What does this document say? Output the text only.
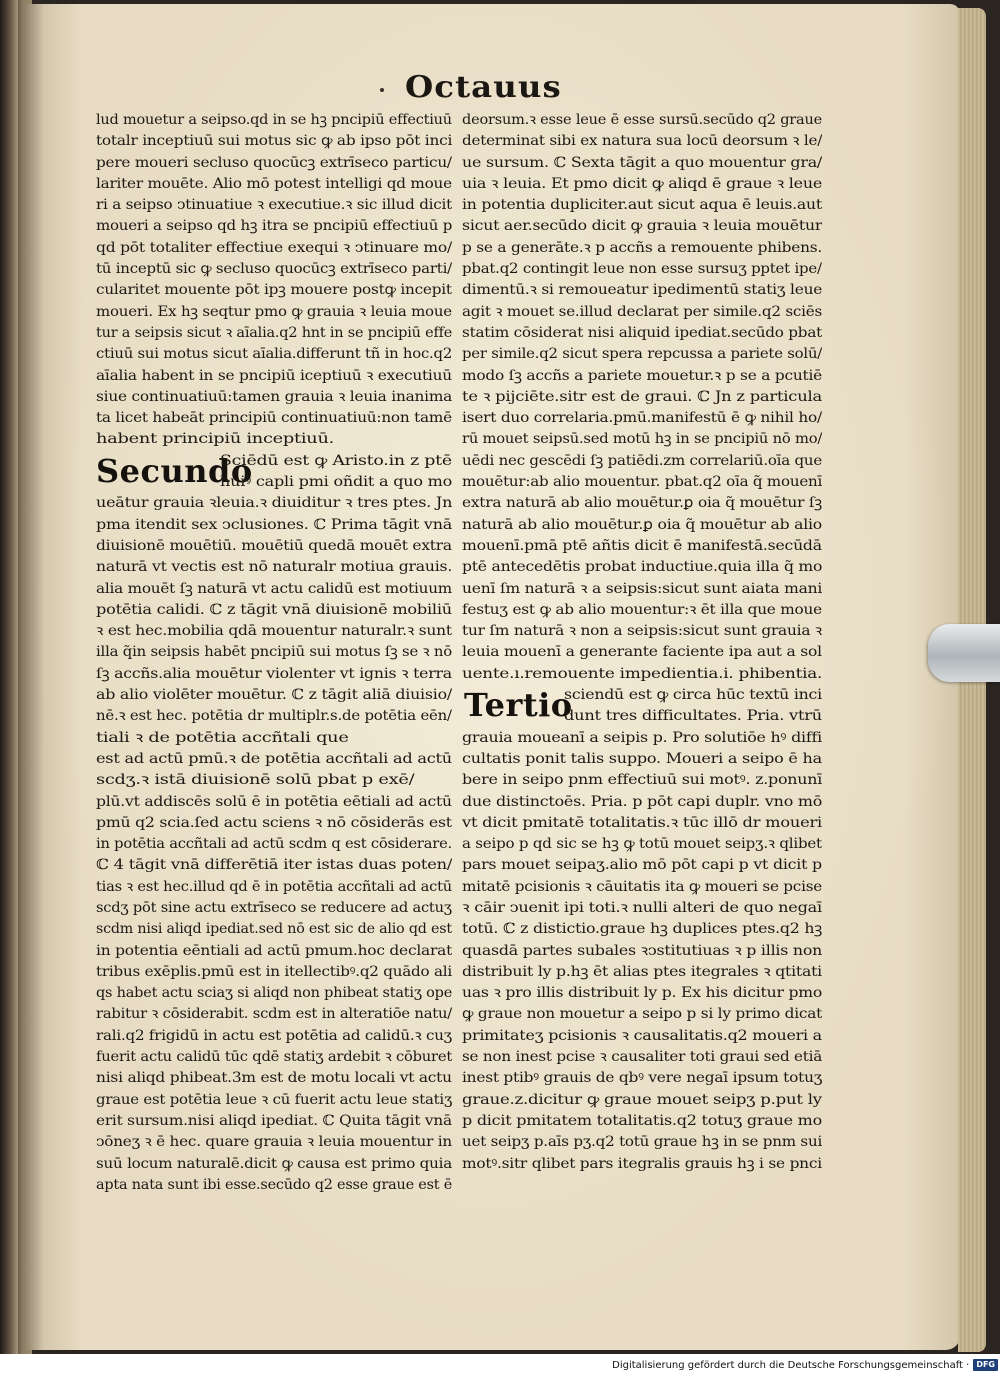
Octauus
lud mouetur a seipso.qd in se hꝫ pncipiū effectiuū
totalr inceptiuū sui motus sic ꝙ ab ipso pōt inci
pere moueri secluso quocūcꝫ extrīseco particu/
lariter mouēte. Alio mō potest intelligi qd moue
ri a seipso ↄtinuatiue ꝛ executiue.ꝛ sic illud dicit
moueri a seipso qd hꝫ itra se pncipiū effectiuū p
qd pōt totaliter effectiue exequi ꝛ ↄtinuare mo/
tū inceptū sic ꝙ secluso quocūcꝫ extrīseco parti/
cularitet mouente pōt ipꝫ mouere postꝙ incepit
moueri. Ex hꝫ seqtur pmo ꝙ grauia ꝛ leuia moue
tur a seipsis sicut ꝛ aīalia.q2 hnt in se pncipiū effe
ctiuū sui motus sicut aīalia.differunt tñ in hoc.q2
aīalia habent in se pncipiū iceptiuū ꝛ executiuū
siue continuatiuū:tamen grauia ꝛ leuia inanima
ta licet habeāt principiū continuatiuū:non tamē
habent principiū inceptiuū.
Secundo
Sciēdū est ꝙ Aristo.in z ptē
huiꝰ capli pmi oñdit a quo mo
ueātur grauia ꝛleuia.ꝛ diuiditur ꝛ tres ptes. Jn
pma itendit sex ↄclusiones. ℂ Prima tāgit vnā
diuisionē mouētiū. mouētiū quedā mouēt extra
naturā vt vectis est nō naturalr motiua grauis.
alia mouēt ſꝫ naturā vt actu calidū est motiuum
potētia calidi. ℂ z tāgit vnā diuisionē mobiliū
ꝛ est hec.mobilia qdā mouentur naturalr.ꝛ sunt
illa q̃in seipsis habēt pncipiū sui motus ſꝫ se ꝛ nō
ſꝫ accñs.alia mouētur violenter vt ignis ꝛ terra
ab alio violēter mouētur. ℂ z tāgit aliā diuisio/
nē.ꝛ est hec. potētia dr multiplr.s.de potētia eēn/
tiali ꝛ de potētia accñtali que
est ad actū pmū.ꝛ de potētia accñtali ad actū
scdʒ.ꝛ istā diuisionē solū pbat p exē/
plū.vt addiscēs solū ē in potētia eētiali ad actū
pmū q2 scia.ſed actu sciens ꝛ nō cōsiderās est
in potētia accñtali ad actū scdm q est cōsiderare.
ℂ 4 tāgit vnā differētiā iter istas duas poten/
tias ꝛ est hec.illud qd ē in potētia accñtali ad actū
scdʒ pōt sine actu extrīseco se reducere ad actuʒ
scdm nisi aliqd ipediat.sed nō est sic de alio qd est
in potentia eēntiali ad actū pmum.hoc declarat
tribus exēplis.pmū est in itellectibꝰ.q2 quādo ali
qs habet actu sciaʒ si aliqd non phibeat statiʒ ope
rabitur ꝛ cōsiderabit. scdm est in alteratiōe natu/
rali.q2 frigidū in actu est potētia ad calidū.ꝛ cuʒ
fuerit actu calidū tūc qdē statiʒ ardebit ꝛ cōburet
nisi aliqd phibeat.3m est de motu locali vt actu
graue est potētia leue ꝛ cū fuerit actu leue statiʒ
erit sursum.nisi aliqd ipediat. ℂ Quita tāgit vnā
ↄōneʒ ꝛ ē hec. quare grauia ꝛ leuia mouentur in
suū locum naturalē.dicit ꝙ causa est primo quia
apta nata sunt ibi esse.secūdo q2 esse graue est ē
deorsum.ꝛ esse leue ē esse sursū.secūdo q2 graue
determinat sibi ex natura sua locū deorsum ꝛ le/
ue sursum. ℂ Sexta tāgit a quo mouentur gra/
uia ꝛ leuia. Et pmo dicit ꝙ aliqd ē graue ꝛ leue
in potentia dupliciter.aut sicut aqua ē leuis.aut
sicut aer.secūdo dicit ꝙ grauia ꝛ leuia mouētur
p se a generāte.ꝛ p accñs a remouente phibens.
pbat.q2 contingit leue non esse sursuʒ pptet ipe/
dimentū.ꝛ si remoueatur ipedimentū statiʒ leue
agit ꝛ mouet se.illud declarat per simile.q2 sciēs
statim cōsiderat nisi aliquid ipediat.secūdo pbat
per simile.q2 sicut spera repcussa a pariete solū/
modo ſꝫ accñs a pariete mouetur.ꝛ p se a pcutiē
te ꝛ pijciēte.sitr est de graui. ℂ Jn z particula
isert duo correlaria.pmū.manifestū ē ꝙ nihil ho/
rū mouet seipsū.sed motū hꝫ in se pncipiū nō mo/
uēdi nec gescēdi ſꝫ patiēdi.zm correlariū.oīa que
mouētur:ab alio mouentur. pbat.q2 oīa q̃ mouenī
extra naturā ab alio mouētur.ꝑ oia q̃ mouētur ſꝫ
naturā ab alio mouētur.ꝑ oia q̃ mouētur ab alio
mouenī.pmā ptē añtis dicit ē manifestā.secūdā
ptē antecedētis probat inductiue.quia illa q̃ mo
uenī ſm naturā ꝛ a seipsis:sicut sunt aiata mani
festuʒ est ꝙ ab alio mouentur:ꝛ ēt illa que moue
tur ſm naturā ꝛ non a seipsis:sicut sunt grauia ꝛ
leuia mouenī a generante faciente ipa aut a sol
uente.ı.remouente impedientia.i. phibentia.
Tertio
sciendū est ꝙ circa hūc textū inci
dunt tres difficultates. Pria. vtrū
grauia moueanī a seipis p. Pro solutiōe hꝰ diffi
cultatis ponit talis suppo. Moueri a seipo ē ha
bere in seipo pnm effectiuū sui motꝰ. z.ponunī
due distinctoēs. Pria. p pōt capi duplr. vno mō
vt dicit pmitatē totalitatis.ꝛ tūc illō dr moueri
a seipo p qd sic se hꝫ ꝙ totū mouet seipʒ.ꝛ qlibet
pars mouet seipaʒ.alio mō pōt capi p vt dicit p
mitatē pcisionis ꝛ cāuitatis ita ꝙ moueri se pcise
ꝛ cāir ↄuenit ipi toti.ꝛ nulli alteri de quo negaī
totū. ℂ z distictio.graue hꝫ duplices ptes.q2 hꝫ
quasdā partes subales ꝛↄstitutiuas ꝛ p illis non
distribuit ly p.hꝫ ēt alias ptes itegrales ꝛ qtitati
uas ꝛ pro illis distribuit ly p. Ex his dicitur pmo
ꝙ graue non mouetur a seipo p si ly primo dicat
primitateʒ pcisionis ꝛ causalitatis.q2 moueri a
se non inest pcise ꝛ causaliter toti graui sed etiā
inest ptibꝰ grauis de qbꝰ vere negaī ipsum totuʒ
graue.z.dicitur ꝙ graue mouet seipʒ p.put ly
p dicit pmitatem totalitatis.q2 totuʒ graue mo
uet seipʒ p.aīs pʒ.q2 totū graue hꝫ in se pnm sui
motꝰ.sitr qlibet pars itegralis grauis hꝫ i se pnci
Digitalisierung gefördert durch die Deutsche Forschungsgemeinschaft · DFG
